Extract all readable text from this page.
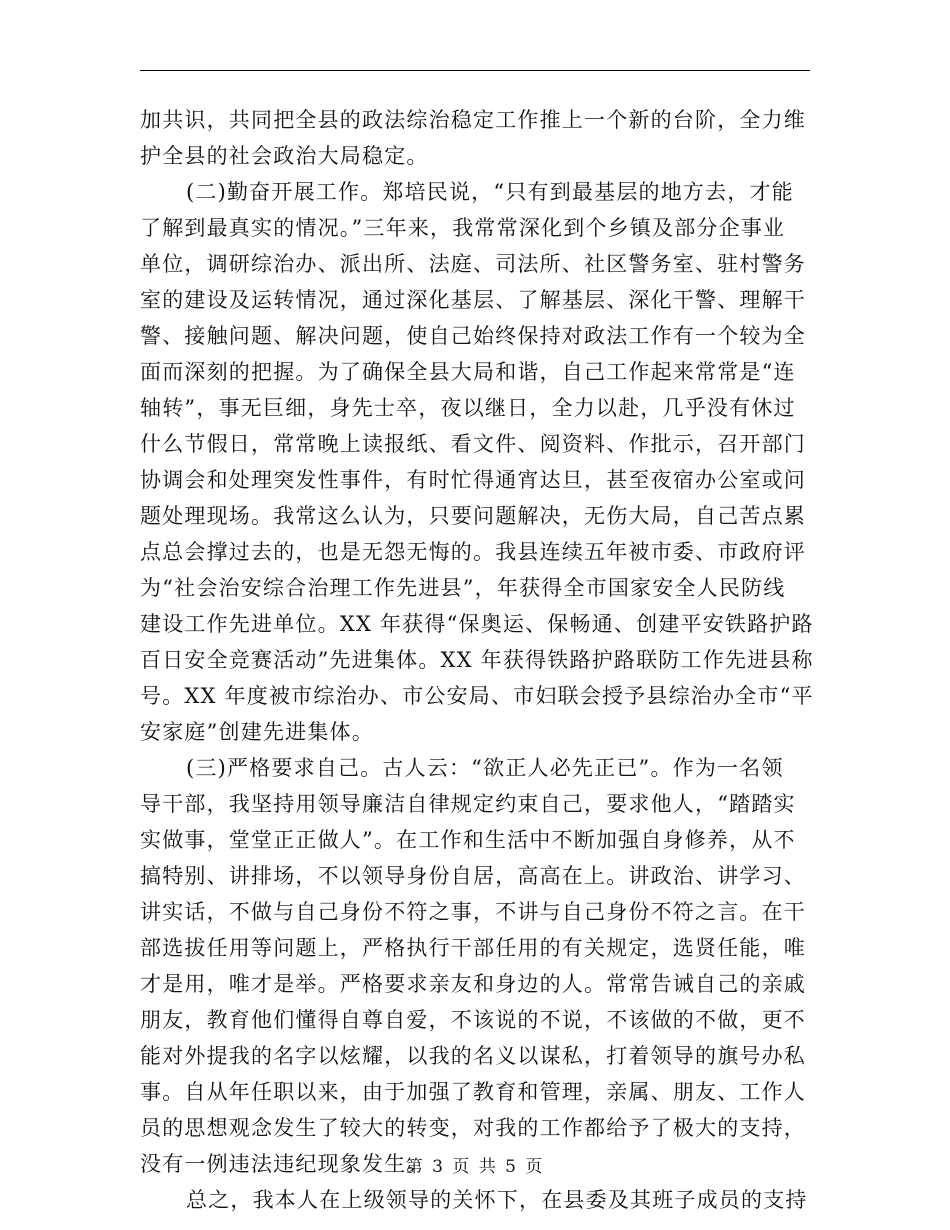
加共识，共同把全县的政法综治稳定工作推上一个新的台阶，全力维
护全县的社会政治大局稳定。
(二)勤奋开展工作。郑培民说，“只有到最基层的地方去，才能
了解到最真实的情况。”三年来，我常常深化到个乡镇及部分企事业
单位，调研综治办、派出所、法庭、司法所、社区警务室、驻村警务
室的建设及运转情况，通过深化基层、了解基层、深化干警、理解干
警、接触问题、解决问题，使自己始终保持对政法工作有一个较为全
面而深刻的把握。为了确保全县大局和谐，自己工作起来常常是“连
轴转”，事无巨细，身先士卒，夜以继日，全力以赴，几乎没有休过
什么节假日，常常晚上读报纸、看文件、阅资料、作批示，召开部门
协调会和处理突发性事件，有时忙得通宵达旦，甚至夜宿办公室或问
题处理现场。我常这么认为，只要问题解决，无伤大局，自己苦点累
点总会撑过去的，也是无怨无悔的。我县连续五年被市委、市政府评
为“社会治安综合治理工作先进县”，年获得全市国家安全人民防线
建设工作先进单位。XX 年获得“保奥运、保畅通、创建平安铁路护路
百日安全竞赛活动”先进集体。XX 年获得铁路护路联防工作先进县称
号。XX 年度被市综治办、市公安局、市妇联会授予县综治办全市“平
安家庭”创建先进集体。
(三)严格要求自己。古人云：“欲正人必先正已”。作为一名领
导干部，我坚持用领导廉洁自律规定约束自己，要求他人，“踏踏实
实做事，堂堂正正做人”。在工作和生活中不断加强自身修养，从不
搞特别、讲排场，不以领导身份自居，高高在上。讲政治、讲学习、
讲实话，不做与自己身份不符之事，不讲与自己身份不符之言。在干
部选拔任用等问题上，严格执行干部任用的有关规定，选贤任能，唯
才是用，唯才是举。严格要求亲友和身边的人。常常告诫自己的亲戚
朋友，教育他们懂得自尊自爱，不该说的不说，不该做的不做，更不
能对外提我的名字以炫耀，以我的名义以谋私，打着领导的旗号办私
事。自从年任职以来，由于加强了教育和管理，亲属、朋友、工作人
员的思想观念发生了较大的转变，对我的工作都给予了极大的支持，
没有一例违法违纪现象发生。
总之，我本人在上级领导的关怀下，在县委及其班子成员的支持
第 3 页 共 5 页
